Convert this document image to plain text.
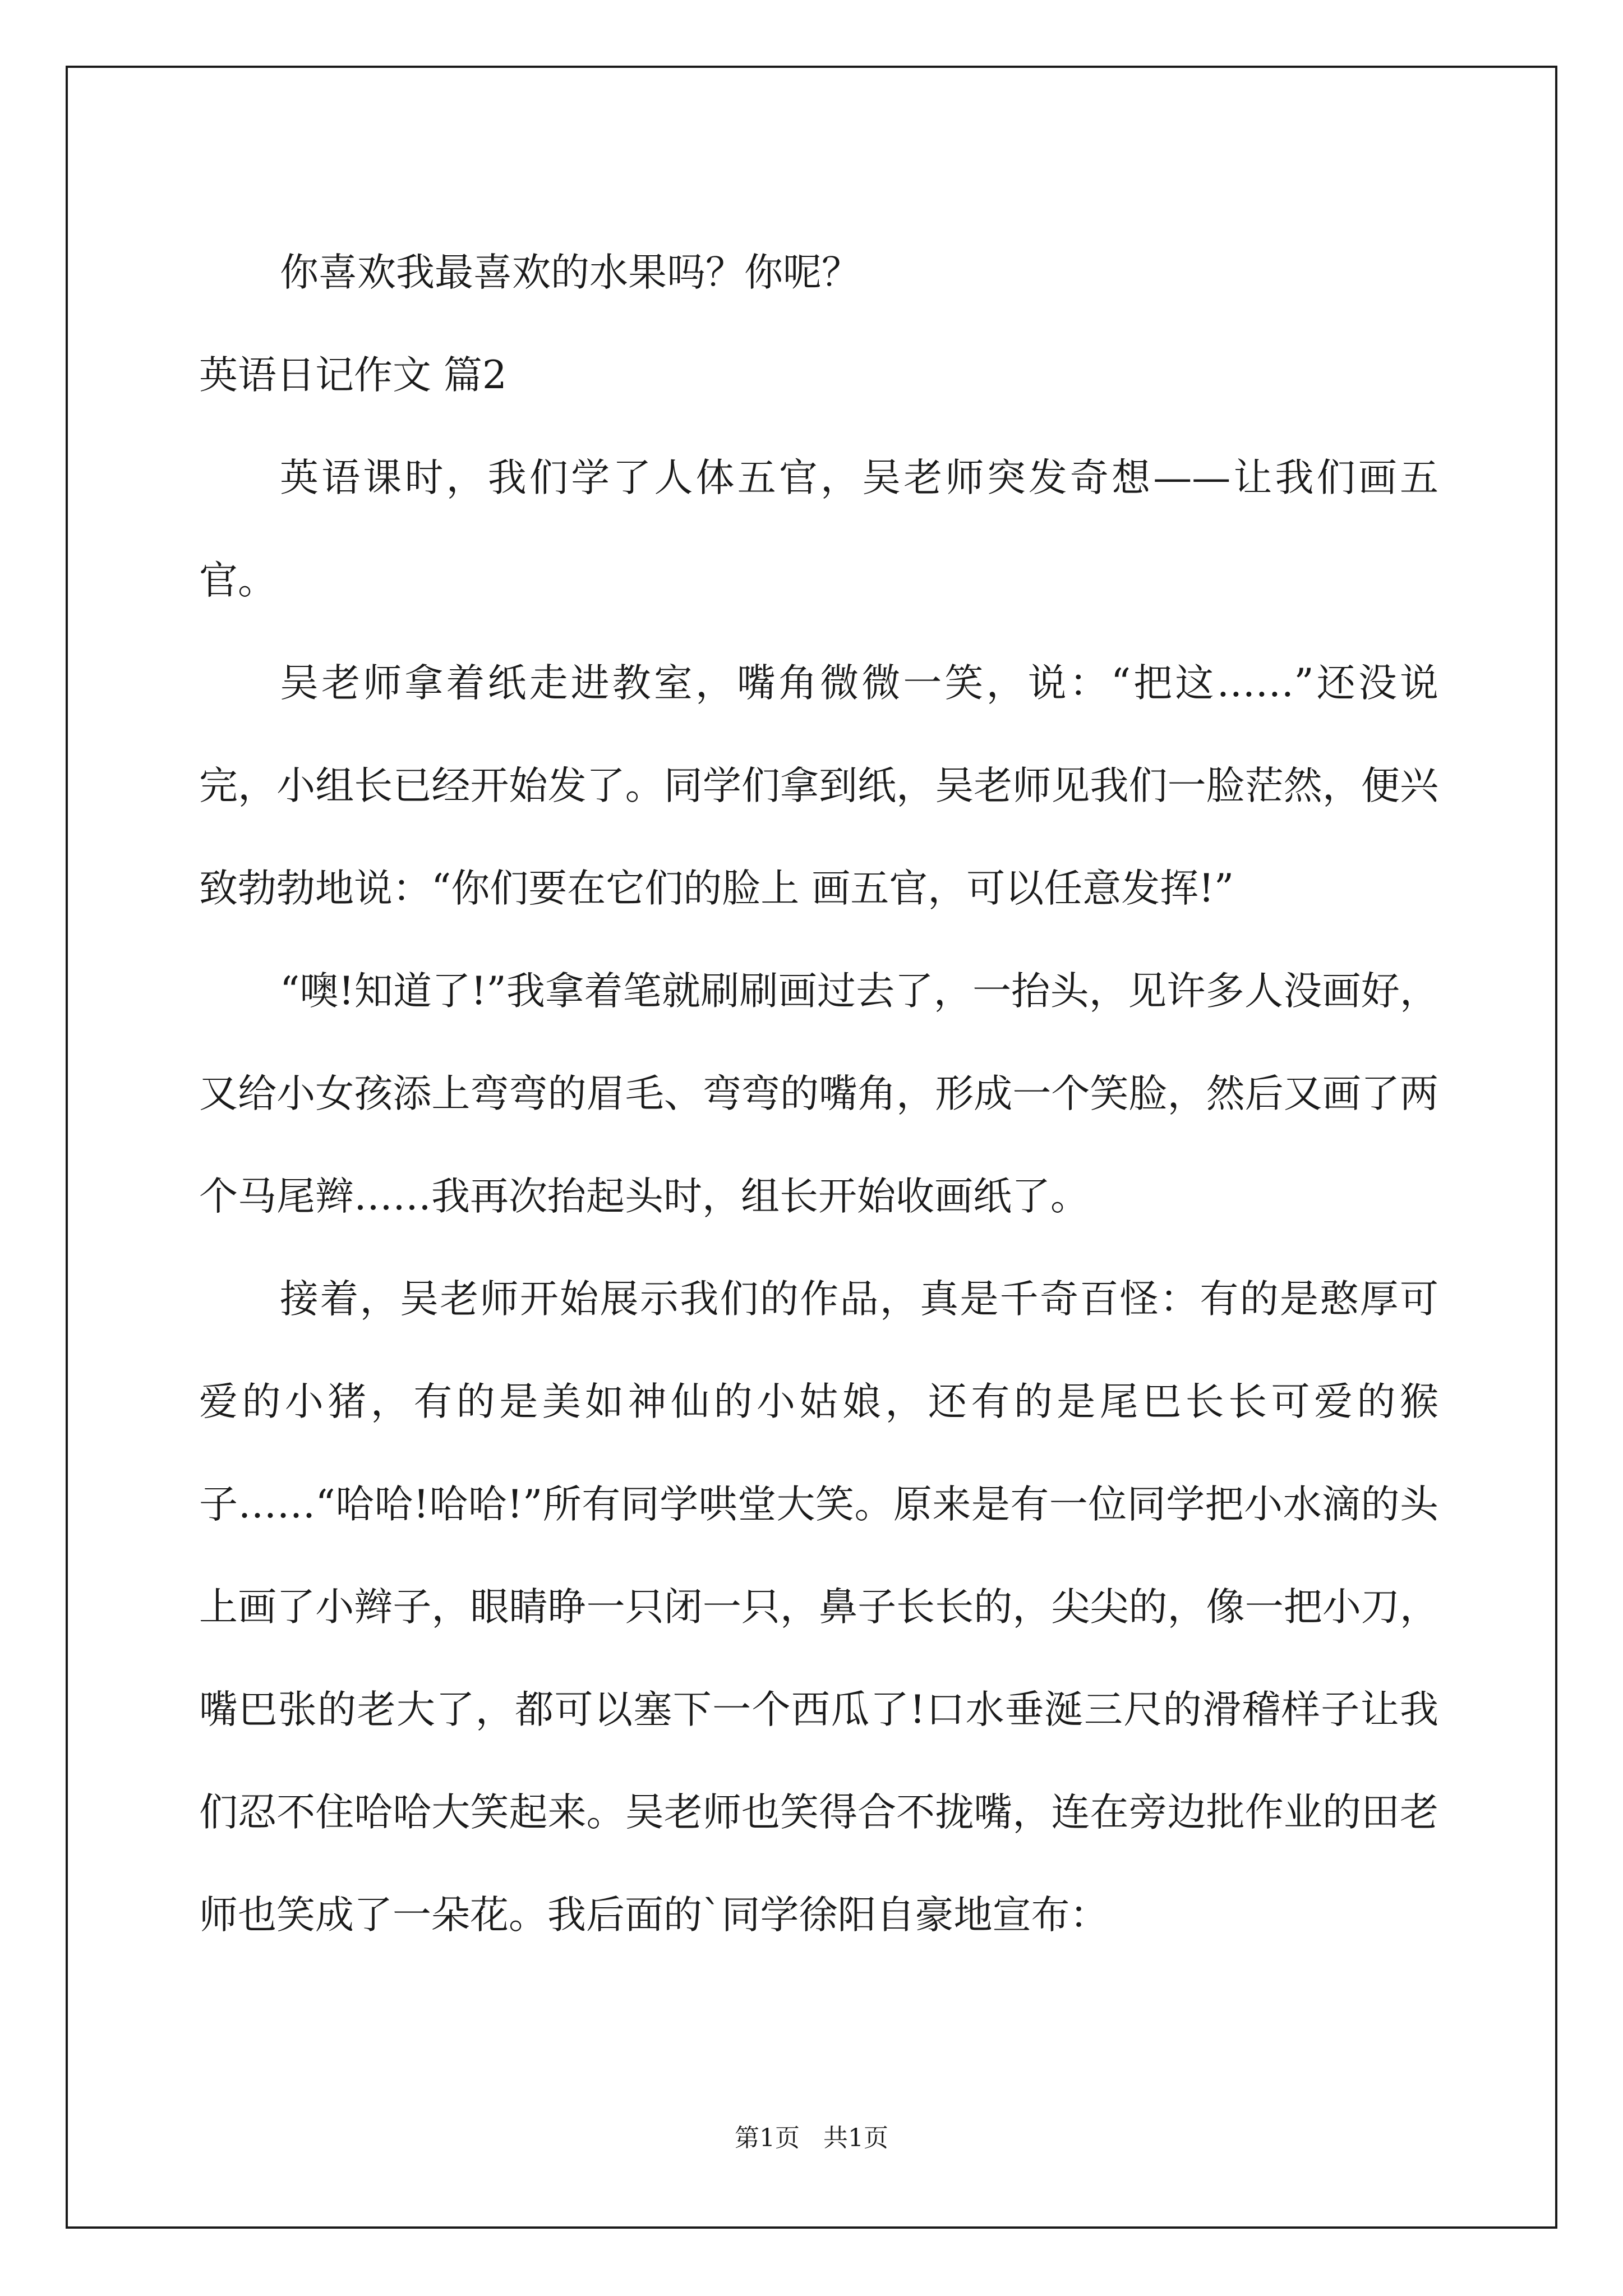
你喜欢我最喜欢的水果吗？你呢？

英语日记作文 篇2

英语课时，我们学了人体五官，吴老师突发奇想——让我们画五官。

吴老师拿着纸走进教室，嘴角微微一笑，说：“把这……”还没说完，小组长已经开始发了。同学们拿到纸，吴老师见我们一脸茫然，便兴致勃勃地说：“你们要在它们的脸上 画五官，可以任意发挥!”

“噢!知道了!”我拿着笔就刷刷画过去了，一抬头，见许多人没画好，又给小女孩添上弯弯的眉毛、弯弯的嘴角，形成一个笑脸，然后又画了两个马尾辫……我再次抬起头时，组长开始收画纸了。

接着，吴老师开始展示我们的作品，真是千奇百怪：有的是憨厚可爱的小猪，有的是美如神仙的小姑娘，还有的是尾巴长长可爱的猴子……“哈哈!哈哈!”所有同学哄堂大笑。原来是有一位同学把小水滴的头上画了小辫子，眼睛睁一只闭一只，鼻子长长的，尖尖的，像一把小刀，嘴巴张的老大了，都可以塞下一个西瓜了!口水垂涎三尺的滑稽样子让我们忍不住哈哈大笑起来。吴老师也笑得合不拢嘴，连在旁边批作业的田老师也笑成了一朵花。我后面的`同学徐阳自豪地宣布：

第1页   共1页
